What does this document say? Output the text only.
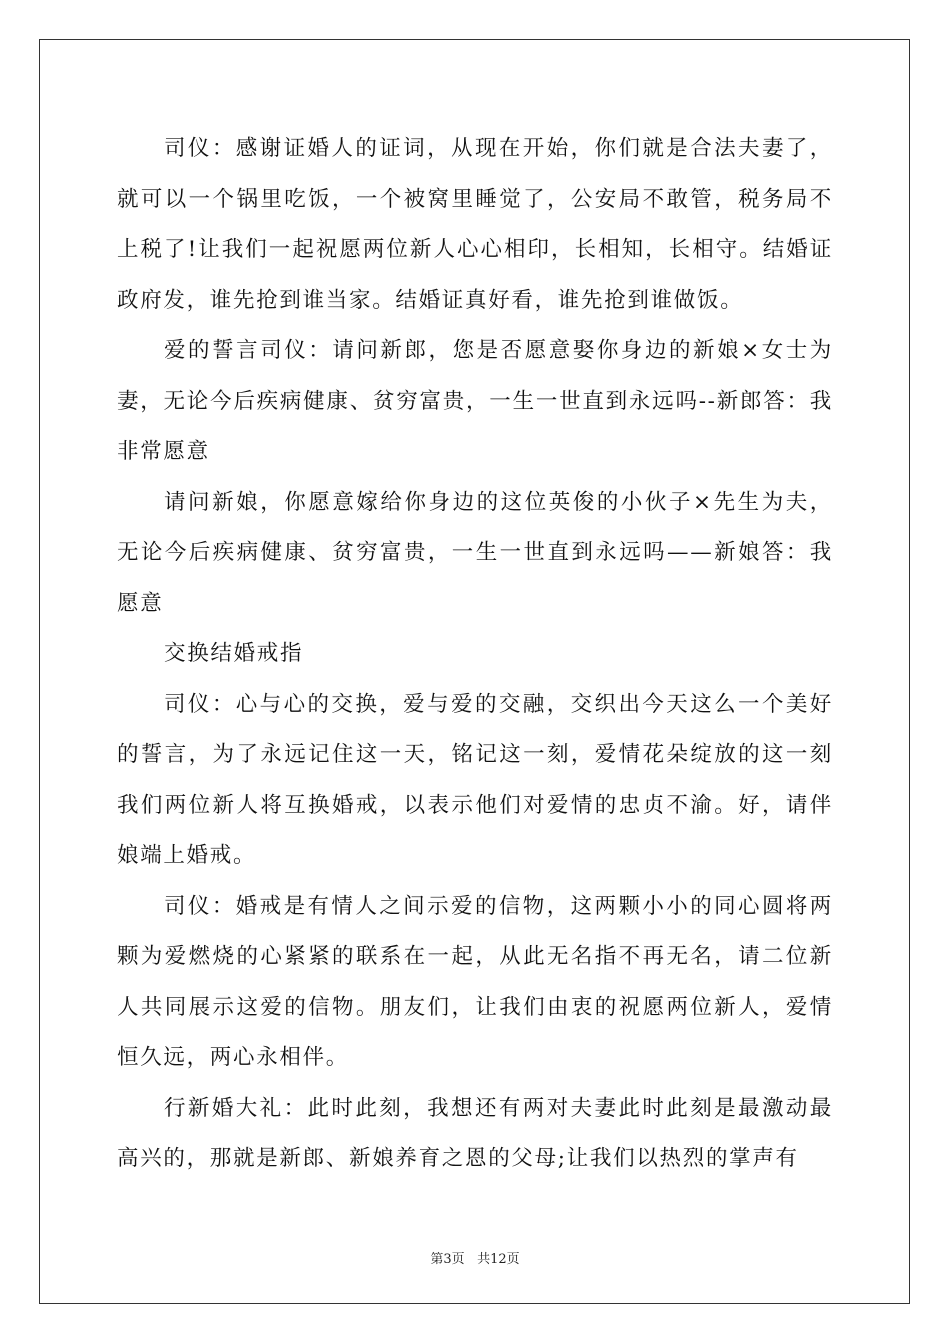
司仪：感谢证婚人的证词，从现在开始，你们就是合法夫妻了，就可以一个锅里吃饭，一个被窝里睡觉了，公安局不敢管，税务局不上税了!让我们一起祝愿两位新人心心相印，长相知，长相守。结婚证政府发，谁先抢到谁当家。结婚证真好看，谁先抢到谁做饭。

爱的誓言司仪：请问新郎，您是否愿意娶你身边的新娘×女士为妻，无论今后疾病健康、贫穷富贵，一生一世直到永远吗--新郎答：我非常愿意

请问新娘，你愿意嫁给你身边的这位英俊的小伙子×先生为夫，无论今后疾病健康、贫穷富贵，一生一世直到永远吗——新娘答：我愿意

交换结婚戒指

司仪：心与心的交换，爱与爱的交融，交织出今天这么一个美好的誓言，为了永远记住这一天，铭记这一刻，爱情花朵绽放的这一刻我们两位新人将互换婚戒，以表示他们对爱情的忠贞不渝。好，请伴娘端上婚戒。

司仪：婚戒是有情人之间示爱的信物，这两颗小小的同心圆将两颗为爱燃烧的心紧紧的联系在一起，从此无名指不再无名，请二位新人共同展示这爱的信物。朋友们，让我们由衷的祝愿两位新人，爱情恒久远，两心永相伴。

行新婚大礼：此时此刻，我想还有两对夫妻此时此刻是最激动最高兴的，那就是新郎、新娘养育之恩的父母;让我们以热烈的掌声有

第3页 共12页
